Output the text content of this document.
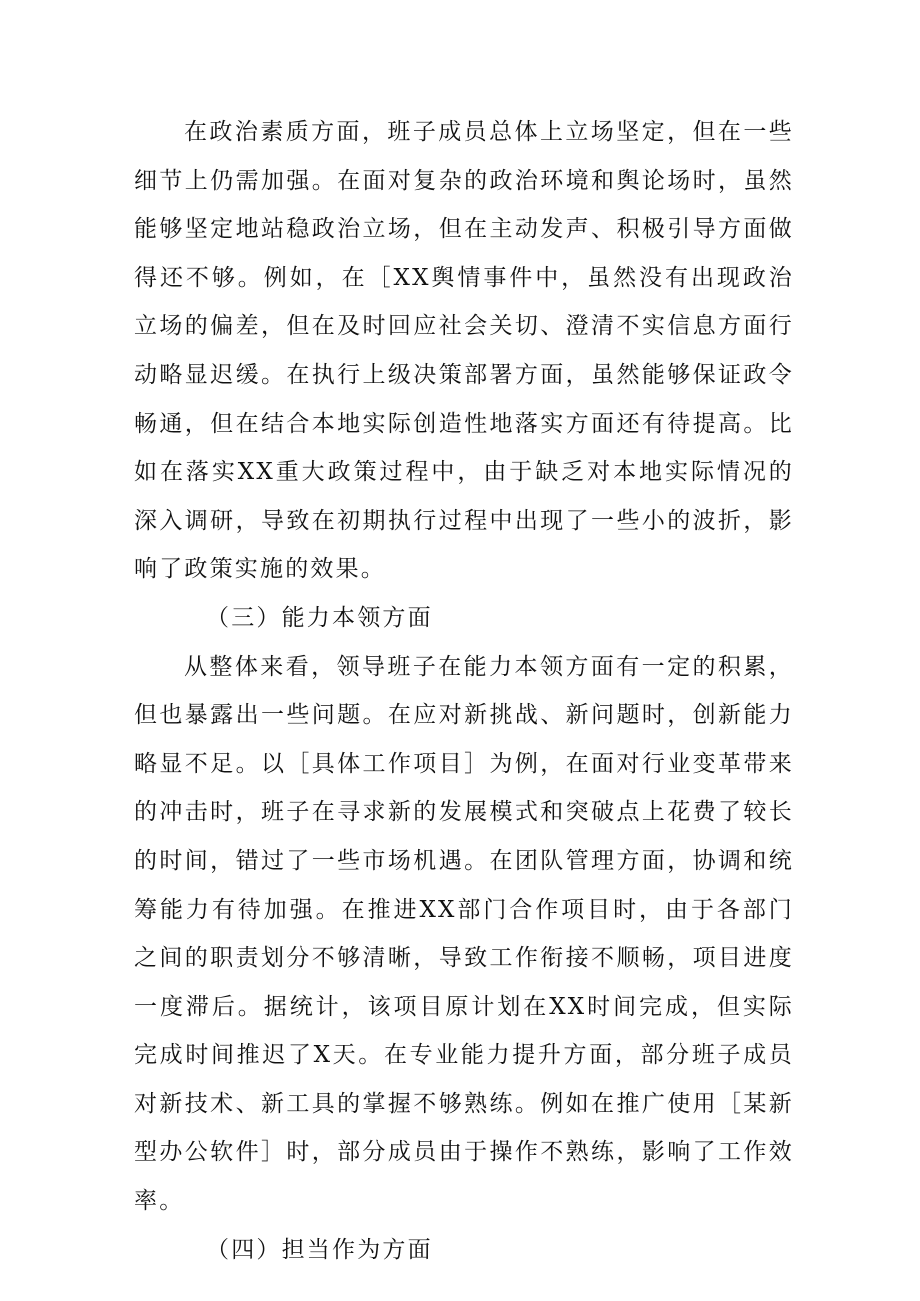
在政治素质方面，班子成员总体上立场坚定，但在一些细节上仍需加强。在面对复杂的政治环境和舆论场时，虽然能够坚定地站稳政治立场，但在主动发声、积极引导方面做得还不够。例如，在［XX舆情事件中，虽然没有出现政治立场的偏差，但在及时回应社会关切、澄清不实信息方面行动略显迟缓。在执行上级决策部署方面，虽然能够保证政令畅通，但在结合本地实际创造性地落实方面还有待提高。比如在落实XX重大政策过程中，由于缺乏对本地实际情况的深入调研，导致在初期执行过程中出现了一些小的波折，影响了政策实施的效果。

（三）能力本领方面

从整体来看，领导班子在能力本领方面有一定的积累，但也暴露出一些问题。在应对新挑战、新问题时，创新能力略显不足。以［具体工作项目］为例，在面对行业变革带来的冲击时，班子在寻求新的发展模式和突破点上花费了较长的时间，错过了一些市场机遇。在团队管理方面，协调和统筹能力有待加强。在推进XX部门合作项目时，由于各部门之间的职责划分不够清晰，导致工作衔接不顺畅，项目进度一度滞后。据统计，该项目原计划在XX时间完成，但实际完成时间推迟了X天。在专业能力提升方面，部分班子成员对新技术、新工具的掌握不够熟练。例如在推广使用［某新型办公软件］时，部分成员由于操作不熟练，影响了工作效率。

（四）担当作为方面
